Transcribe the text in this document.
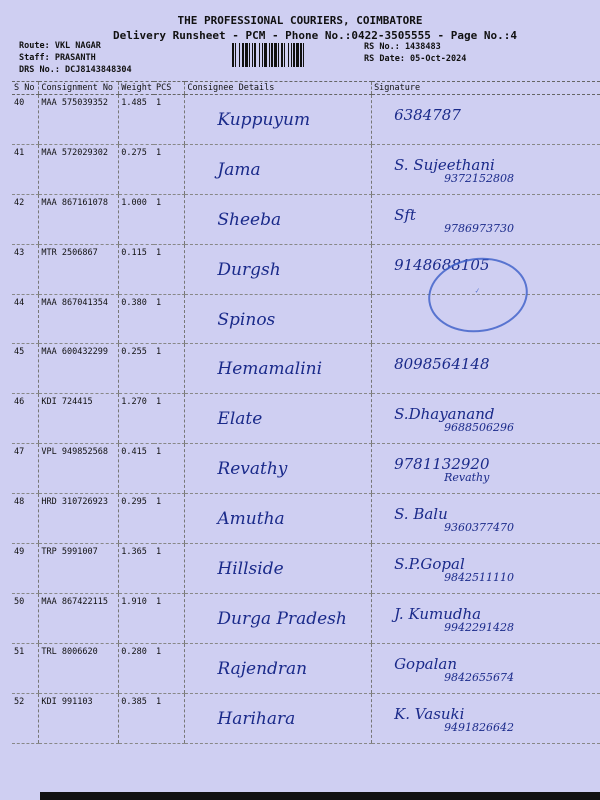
THE PROFESSIONAL COURIERS, COIMBATORE
Delivery Runsheet - PCM - Phone No.:0422-3505555 - Page No.:4
Route: VKL NAGAR
Staff: PRASANTH
DRS No.: DCJ8143848304
RS No.: 1438483
RS Date: 05-Oct-2024
S No	Consignment No	Weight	PCS	Consignee Details	Signature
40	MAA 575039352	1.485	1	Kuppuyum	6384787

41	MAA 572029302	0.275	1	Jama	S. Sujeethani
9372152808

42	MAA 867161078	1.000	1	Sheeba	Sft
9786973730

43	MTR 2506867	0.115	1	Durgsh	9148688105

44	MAA 867041354	0.380	1	Spinos	

45	MAA 600432299	0.255	1	Hemamalini	8098564148

46	KDI 724415	1.270	1	Elate	S.Dhayanand
9688506296

47	VPL 949852568	0.415	1	Revathy	9781132920
Revathy

48	HRD 310726923	0.295	1	Amutha	S. Balu
9360377470

49	TRP 5991007	1.365	1	Hillside	S.P.Gopal
9842511110

50	MAA 867422115	1.910	1	Durga Pradesh	J. Kumudha
9942291428

51	TRL 8006620	0.280	1	Rajendran	Gopalan
9842655674

52	KDI 991103	0.385	1	Harihara	K. Vasuki
9491826642
✓
